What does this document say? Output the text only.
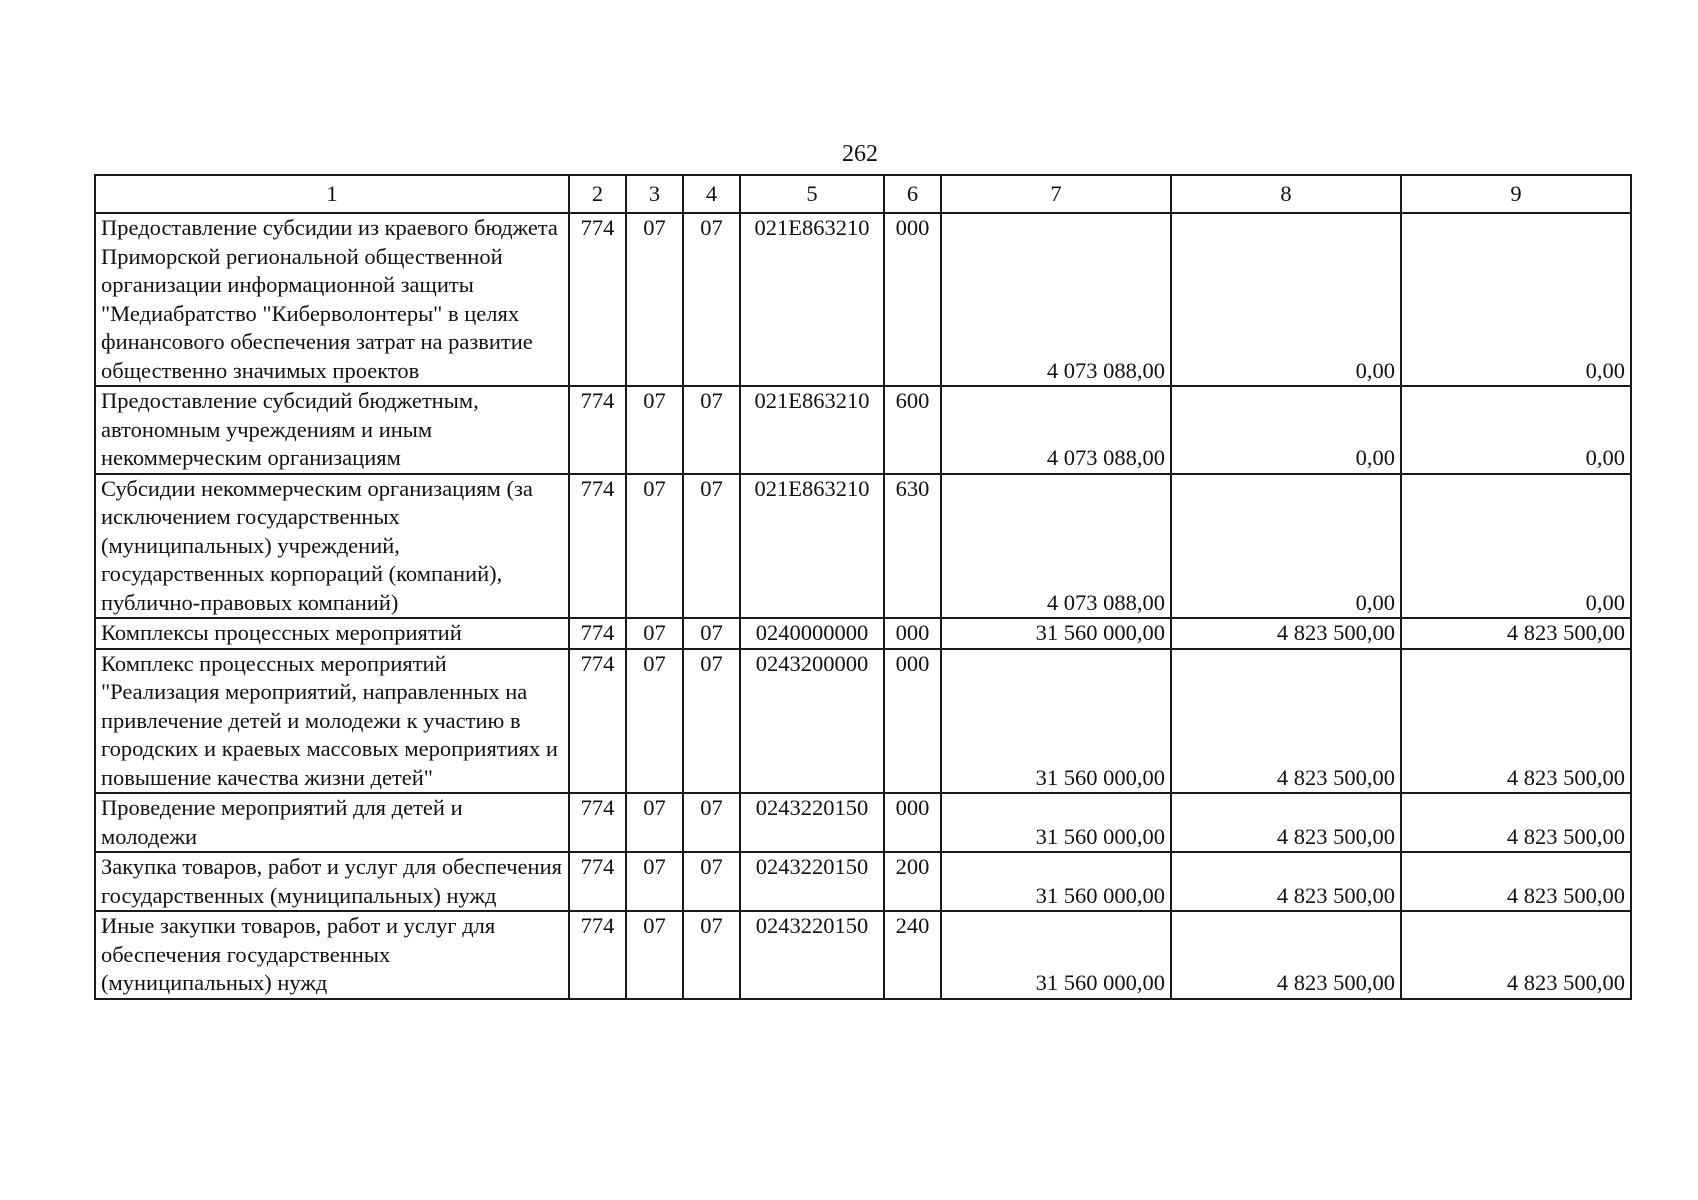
262
1	2	3	4	5	6	7	8	9
Предоставление субсидии из краевого бюджета Приморской региональной общественной организации информационной защиты "Медиабратство "Киберволонтеры" в целях финансового обеспечения затрат на развитие общественно значимых проектов	774	07	07	021Е863210	000	4 073 088,00	0,00	0,00
Предоставление субсидий бюджетным, автономным учреждениям и иным некоммерческим организациям	774	07	07	021Е863210	600	4 073 088,00	0,00	0,00
Субсидии некоммерческим организациям (за исключением государственных (муниципальных) учреждений, государственных корпораций (компаний), публично-правовых компаний)	774	07	07	021Е863210	630	4 073 088,00	0,00	0,00
Комплексы процессных мероприятий	774	07	07	0240000000	000	31 560 000,00	4 823 500,00	4 823 500,00
Комплекс процессных мероприятий "Реализация мероприятий, направленных на привлечение детей и молодежи к участию в городских и краевых массовых мероприятиях и повышение качества жизни детей"	774	07	07	0243200000	000	31 560 000,00	4 823 500,00	4 823 500,00
Проведение мероприятий для детей и молодежи	774	07	07	0243220150	000	31 560 000,00	4 823 500,00	4 823 500,00
Закупка товаров, работ и услуг для обеспечения государственных (муниципальных) нужд	774	07	07	0243220150	200	31 560 000,00	4 823 500,00	4 823 500,00
Иные закупки товаров, работ и услуг для обеспечения государственных (муниципальных) нужд	774	07	07	0243220150	240	31 560 000,00	4 823 500,00	4 823 500,00
